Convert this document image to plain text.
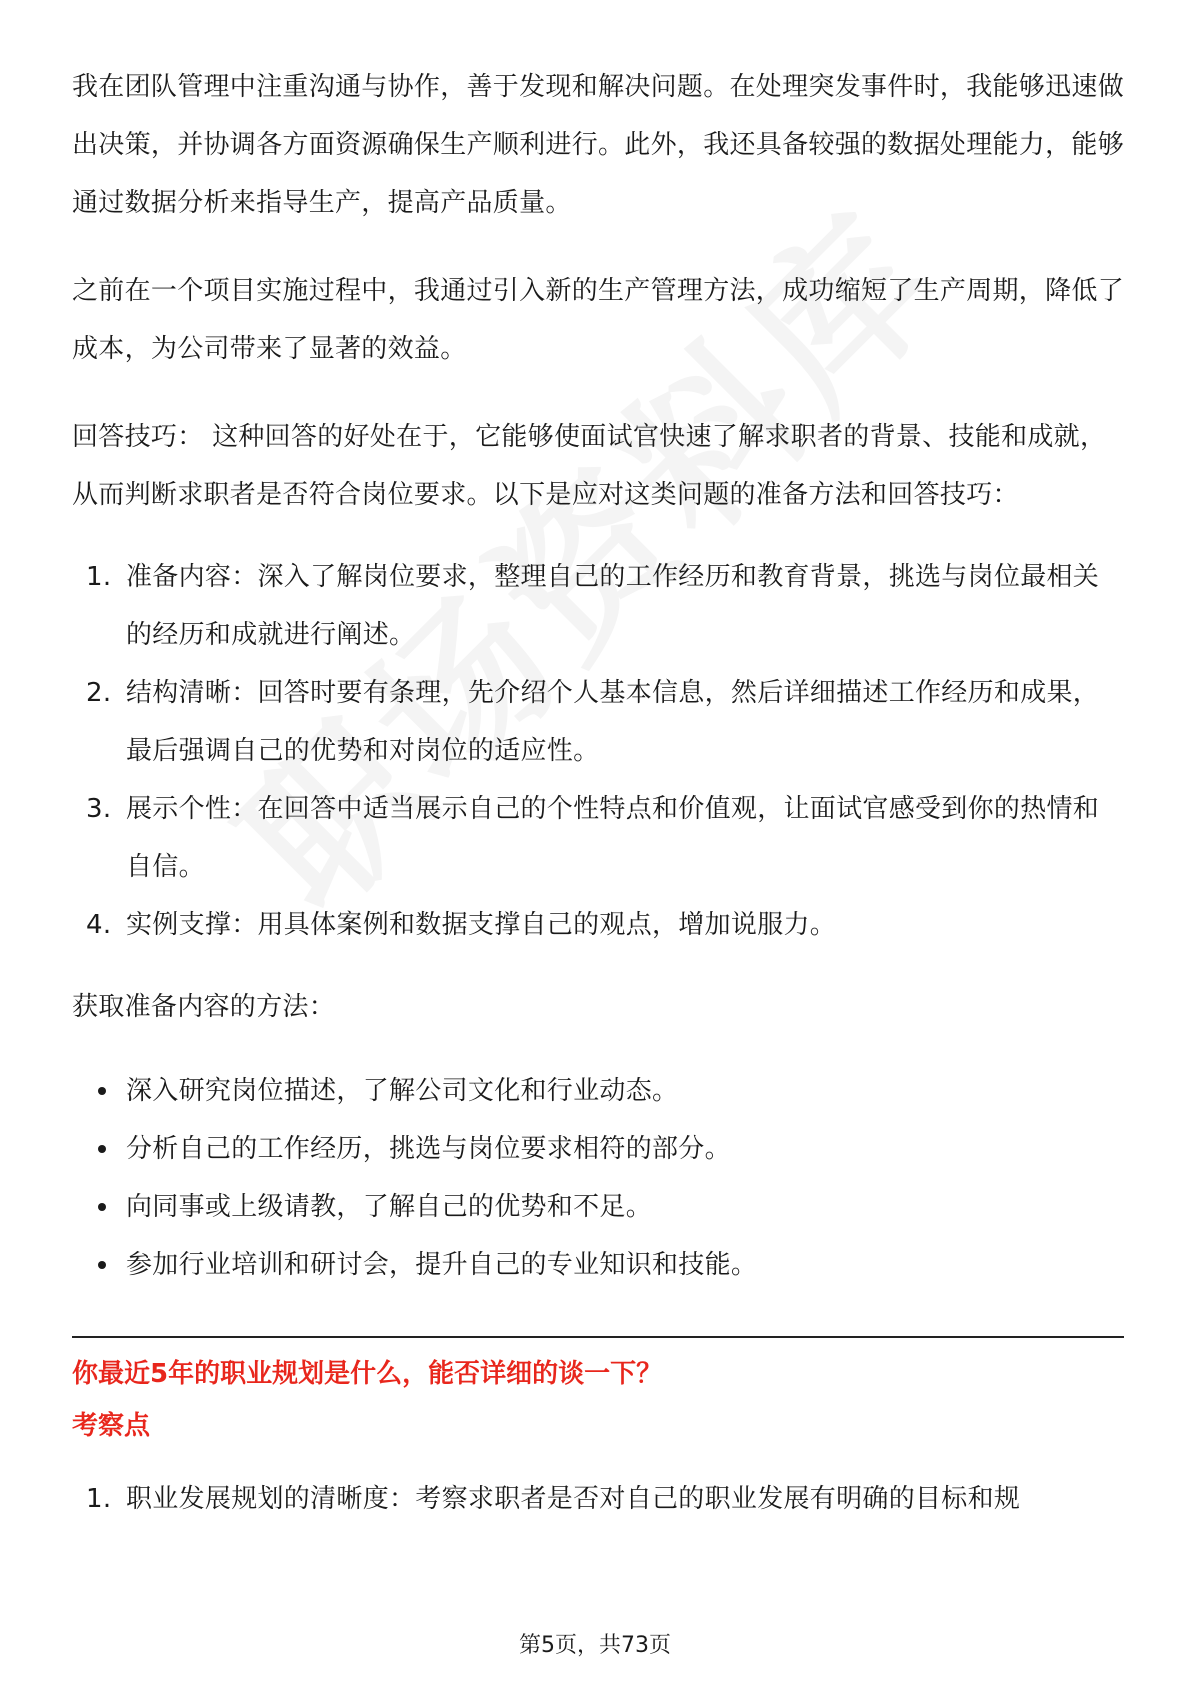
我在团队管理中注重沟通与协作，善于发现和解决问题。在处理突发事件时，我能够迅速做出决策，并协调各方面资源确保生产顺利进行。此外，我还具备较强的数据处理能力，能够通过数据分析来指导生产，提高产品质量。

之前在一个项目实施过程中，我通过引入新的生产管理方法，成功缩短了生产周期，降低了成本，为公司带来了显著的效益。

回答技巧： 这种回答的好处在于，它能够使面试官快速了解求职者的背景、技能和成就，从而判断求职者是否符合岗位要求。以下是应对这类问题的准备方法和回答技巧：

1. 准备内容：深入了解岗位要求，整理自己的工作经历和教育背景，挑选与岗位最相关的经历和成就进行阐述。
2. 结构清晰：回答时要有条理，先介绍个人基本信息，然后详细描述工作经历和成果，最后强调自己的优势和对岗位的适应性。
3. 展示个性：在回答中适当展示自己的个性特点和价值观，让面试官感受到你的热情和自信。
4. 实例支撑：用具体案例和数据支撑自己的观点，增加说服力。

获取准备内容的方法：

深入研究岗位描述，了解公司文化和行业动态。
分析自己的工作经历，挑选与岗位要求相符的部分。
向同事或上级请教，了解自己的优势和不足。
参加行业培训和研讨会，提升自己的专业知识和技能。

你最近5年的职业规划是什么，能否详细的谈一下？

考察点

1. 职业发展规划的清晰度：考察求职者是否对自己的职业发展有明确的目标和规
第5页，共73页
